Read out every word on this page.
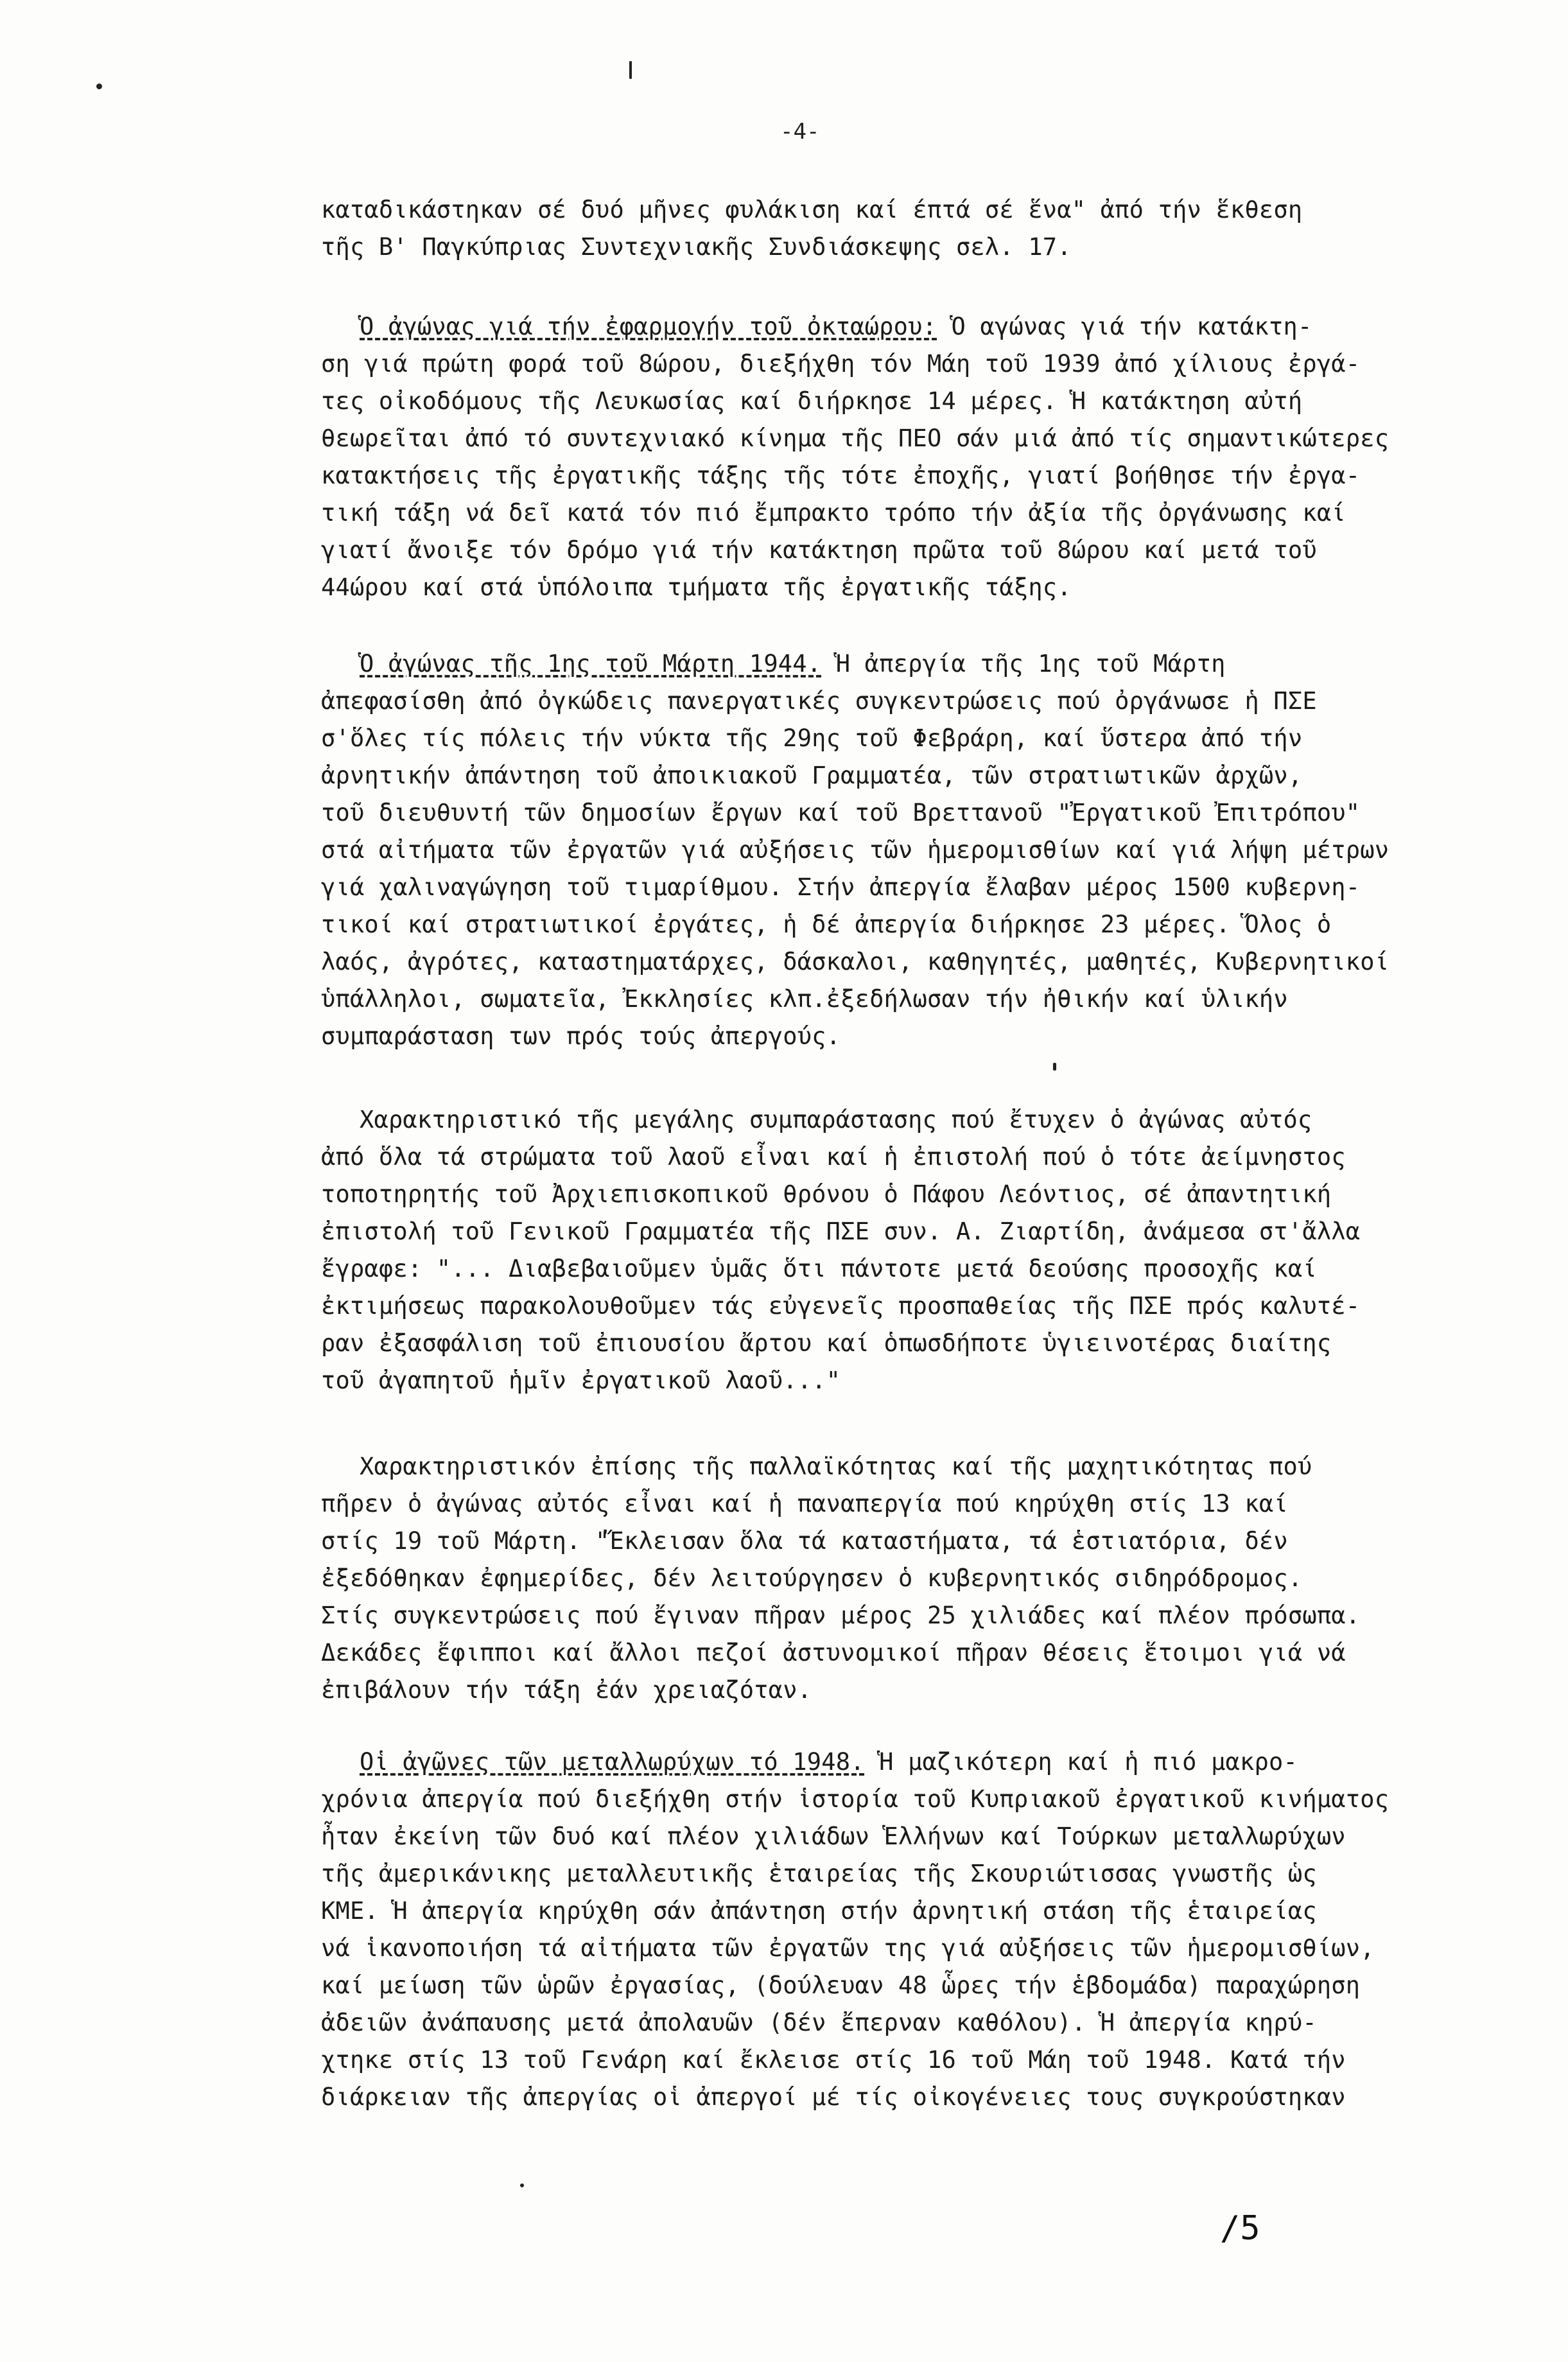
-4-
καταδικάστηκαν σέ δυό μῆνες φυλάκιση καί έπτά σέ ἕνα" ἀπό τήν ἕκθεση
τῆς Β' Παγκύπριας Συντεχνιακῆς Συνδιάσκεψης σελ. 17.
Ὁ ἀγώνας γιά τήν ἐφαρμογήν τοῦ ὀκταώρου: Ὁ αγώνας γιά τήν κατάκτη-
ση γιά πρώτη φορά τοῦ 8ώρου, διεξήχθη τόν Μάη τοῦ 1939 ἀπό χίλιους ἐργά-
τες οἰκοδόμους τῆς Λευκωσίας καί διήρκησε 14 μέρες. Ἡ κατάκτηση αὐτή
θεωρεῖται ἀπό τό συντεχνιακό κίνημα τῆς ΠΕΟ σάν μιά ἀπό τίς σημαντικώτερες
κατακτήσεις τῆς ἐργατικῆς τάξης τῆς τότε ἐποχῆς, γιατί βοήθησε τήν ἐργα-
τική τάξη νά δεῖ κατά τόν πιό ἔμπρακτο τρόπο τήν ἀξία τῆς ὀργάνωσης καί
γιατί ἄνοιξε τόν δρόμο γιά τήν κατάκτηση πρῶτα τοῦ 8ώρου καί μετά τοῦ
44ώρου καί στά ὑπόλοιπα τμήματα τῆς ἐργατικῆς τάξης.
Ὁ ἀγώνας τῆς 1ης τοῦ Μάρτη 1944. Ἡ ἀπεργία τῆς 1ης τοῦ Μάρτη
ἀπεφασίσθη ἀπό ὀγκώδεις πανεργατικές συγκεντρώσεις πού ὀργάνωσε ἡ ΠΣΕ
σ'ὅλες τίς πόλεις τήν νύκτα τῆς 29ης τοῦ Φεβράρη, καί ὕστερα ἀπό τήν
ἀρνητικήν ἀπάντηση τοῦ ἀποικιακοῦ Γραμματέα, τῶν στρατιωτικῶν ἀρχῶν,
τοῦ διευθυντή τῶν δημοσίων ἔργων καί τοῦ Βρεττανοῦ "Ἐργατικοῦ Ἐπιτρόπου"
στά αἰτήματα τῶν ἐργατῶν γιά αὐξήσεις τῶν ἡμερομισθίων καί γιά λήψη μέτρων
γιά χαλιναγώγηση τοῦ τιμαρίθμου. Στήν ἀπεργία ἔλαβαν μέρος 1500 κυβερνη-
τικοί καί στρατιωτικοί ἐργάτες, ἡ δέ ἀπεργία διήρκησε 23 μέρες. Ὅλος ὁ
λαός, ἀγρότες, καταστηματάρχες, δάσκαλοι, καθηγητές, μαθητές, Κυβερνητικοί
ὑπάλληλοι, σωματεῖα, Ἐκκλησίες κλπ.ἐξεδήλωσαν τήν ἠθικήν καί ὑλικήν
συμπαράσταση των πρός τούς ἀπεργούς.
Χαρακτηριστικό τῆς μεγάλης συμπαράστασης πού ἔτυχεν ὁ ἀγώνας αὐτός
ἀπό ὅλα τά στρώματα τοῦ λαοῦ εἶναι καί ἡ ἐπιστολή πού ὁ τότε ἀείμνηστος
τοποτηρητής τοῦ Ἀρχιεπισκοπικοῦ θρόνου ὁ Πάφου Λεόντιος, σέ ἀπαντητική
ἐπιστολή τοῦ Γενικοῦ Γραμματέα τῆς ΠΣΕ συν. Α. Ζιαρτίδη, ἀνάμεσα στ'ἄλλα
ἔγραφε: "... Διαβεβαιοῦμεν ὑμᾶς ὅτι πάντοτε μετά δεούσης προσοχῆς καί
ἐκτιμήσεως παρακολουθοῦμεν τάς εὐγενεῖς προσπαθείας τῆς ΠΣΕ πρός καλυτέ-
ραν ἐξασφάλιση τοῦ ἐπιουσίου ἄρτου καί ὁπωσδήποτε ὑγιεινοτέρας διαίτης
τοῦ ἀγαπητοῦ ἡμῖν ἐργατικοῦ λαοῦ..."
Χαρακτηριστικόν ἐπίσης τῆς παλλαϊκότητας καί τῆς μαχητικότητας πού
πῆρεν ὁ ἀγώνας αὐτός εἶναι καί ἡ παναπεργία πού κηρύχθη στίς 13 καί
στίς 19 τοῦ Μάρτη. "Ἔκλεισαν ὅλα τά καταστήματα, τά ἑστιατόρια, δέν
ἐξεδόθηκαν ἐφημερίδες, δέν λειτούργησεν ὁ κυβερνητικός σιδηρόδρομος.
Στίς συγκεντρώσεις πού ἔγιναν πῆραν μέρος 25 χιλιάδες καί πλέον πρόσωπα.
Δεκάδες ἔφιπποι καί ἄλλοι πεζοί ἀστυνομικοί πῆραν θέσεις ἕτοιμοι γιά νά
ἐπιβάλουν τήν τάξη ἐάν χρειαζόταν.
Οἱ ἀγῶνες τῶν μεταλλωρύχων τό 1948. Ἡ μαζικότερη καί ἡ πιό μακρο-
χρόνια ἀπεργία πού διεξήχθη στήν ἱστορία τοῦ Κυπριακοῦ ἐργατικοῦ κινήματος
ἦταν ἐκείνη τῶν δυό καί πλέον χιλιάδων Ἑλλήνων καί Τούρκων μεταλλωρύχων
τῆς ἀμερικάνικης μεταλλευτικῆς ἑταιρείας τῆς Σκουριώτισσας γνωστῆς ὡς
ΚΜΕ. Ἡ ἀπεργία κηρύχθη σάν ἀπάντηση στήν ἀρνητική στάση τῆς ἑταιρείας
νά ἱκανοποιήση τά αἰτήματα τῶν ἐργατῶν της γιά αὐξήσεις τῶν ἡμερομισθίων,
καί μείωση τῶν ὡρῶν ἐργασίας, (δούλευαν 48 ὧρες τήν ἑβδομάδα) παραχώρηση
ἀδειῶν ἀνάπαυσης μετά ἀπολαυῶν (δέν ἔπερναν καθόλου). Ἡ ἀπεργία κηρύ-
χτηκε στίς 13 τοῦ Γενάρη καί ἔκλεισε στίς 16 τοῦ Μάη τοῦ 1948. Κατά τήν
διάρκειαν τῆς ἀπεργίας οἱ ἀπεργοί μέ τίς οἰκογένειες τους συγκρούστηκαν
/5
